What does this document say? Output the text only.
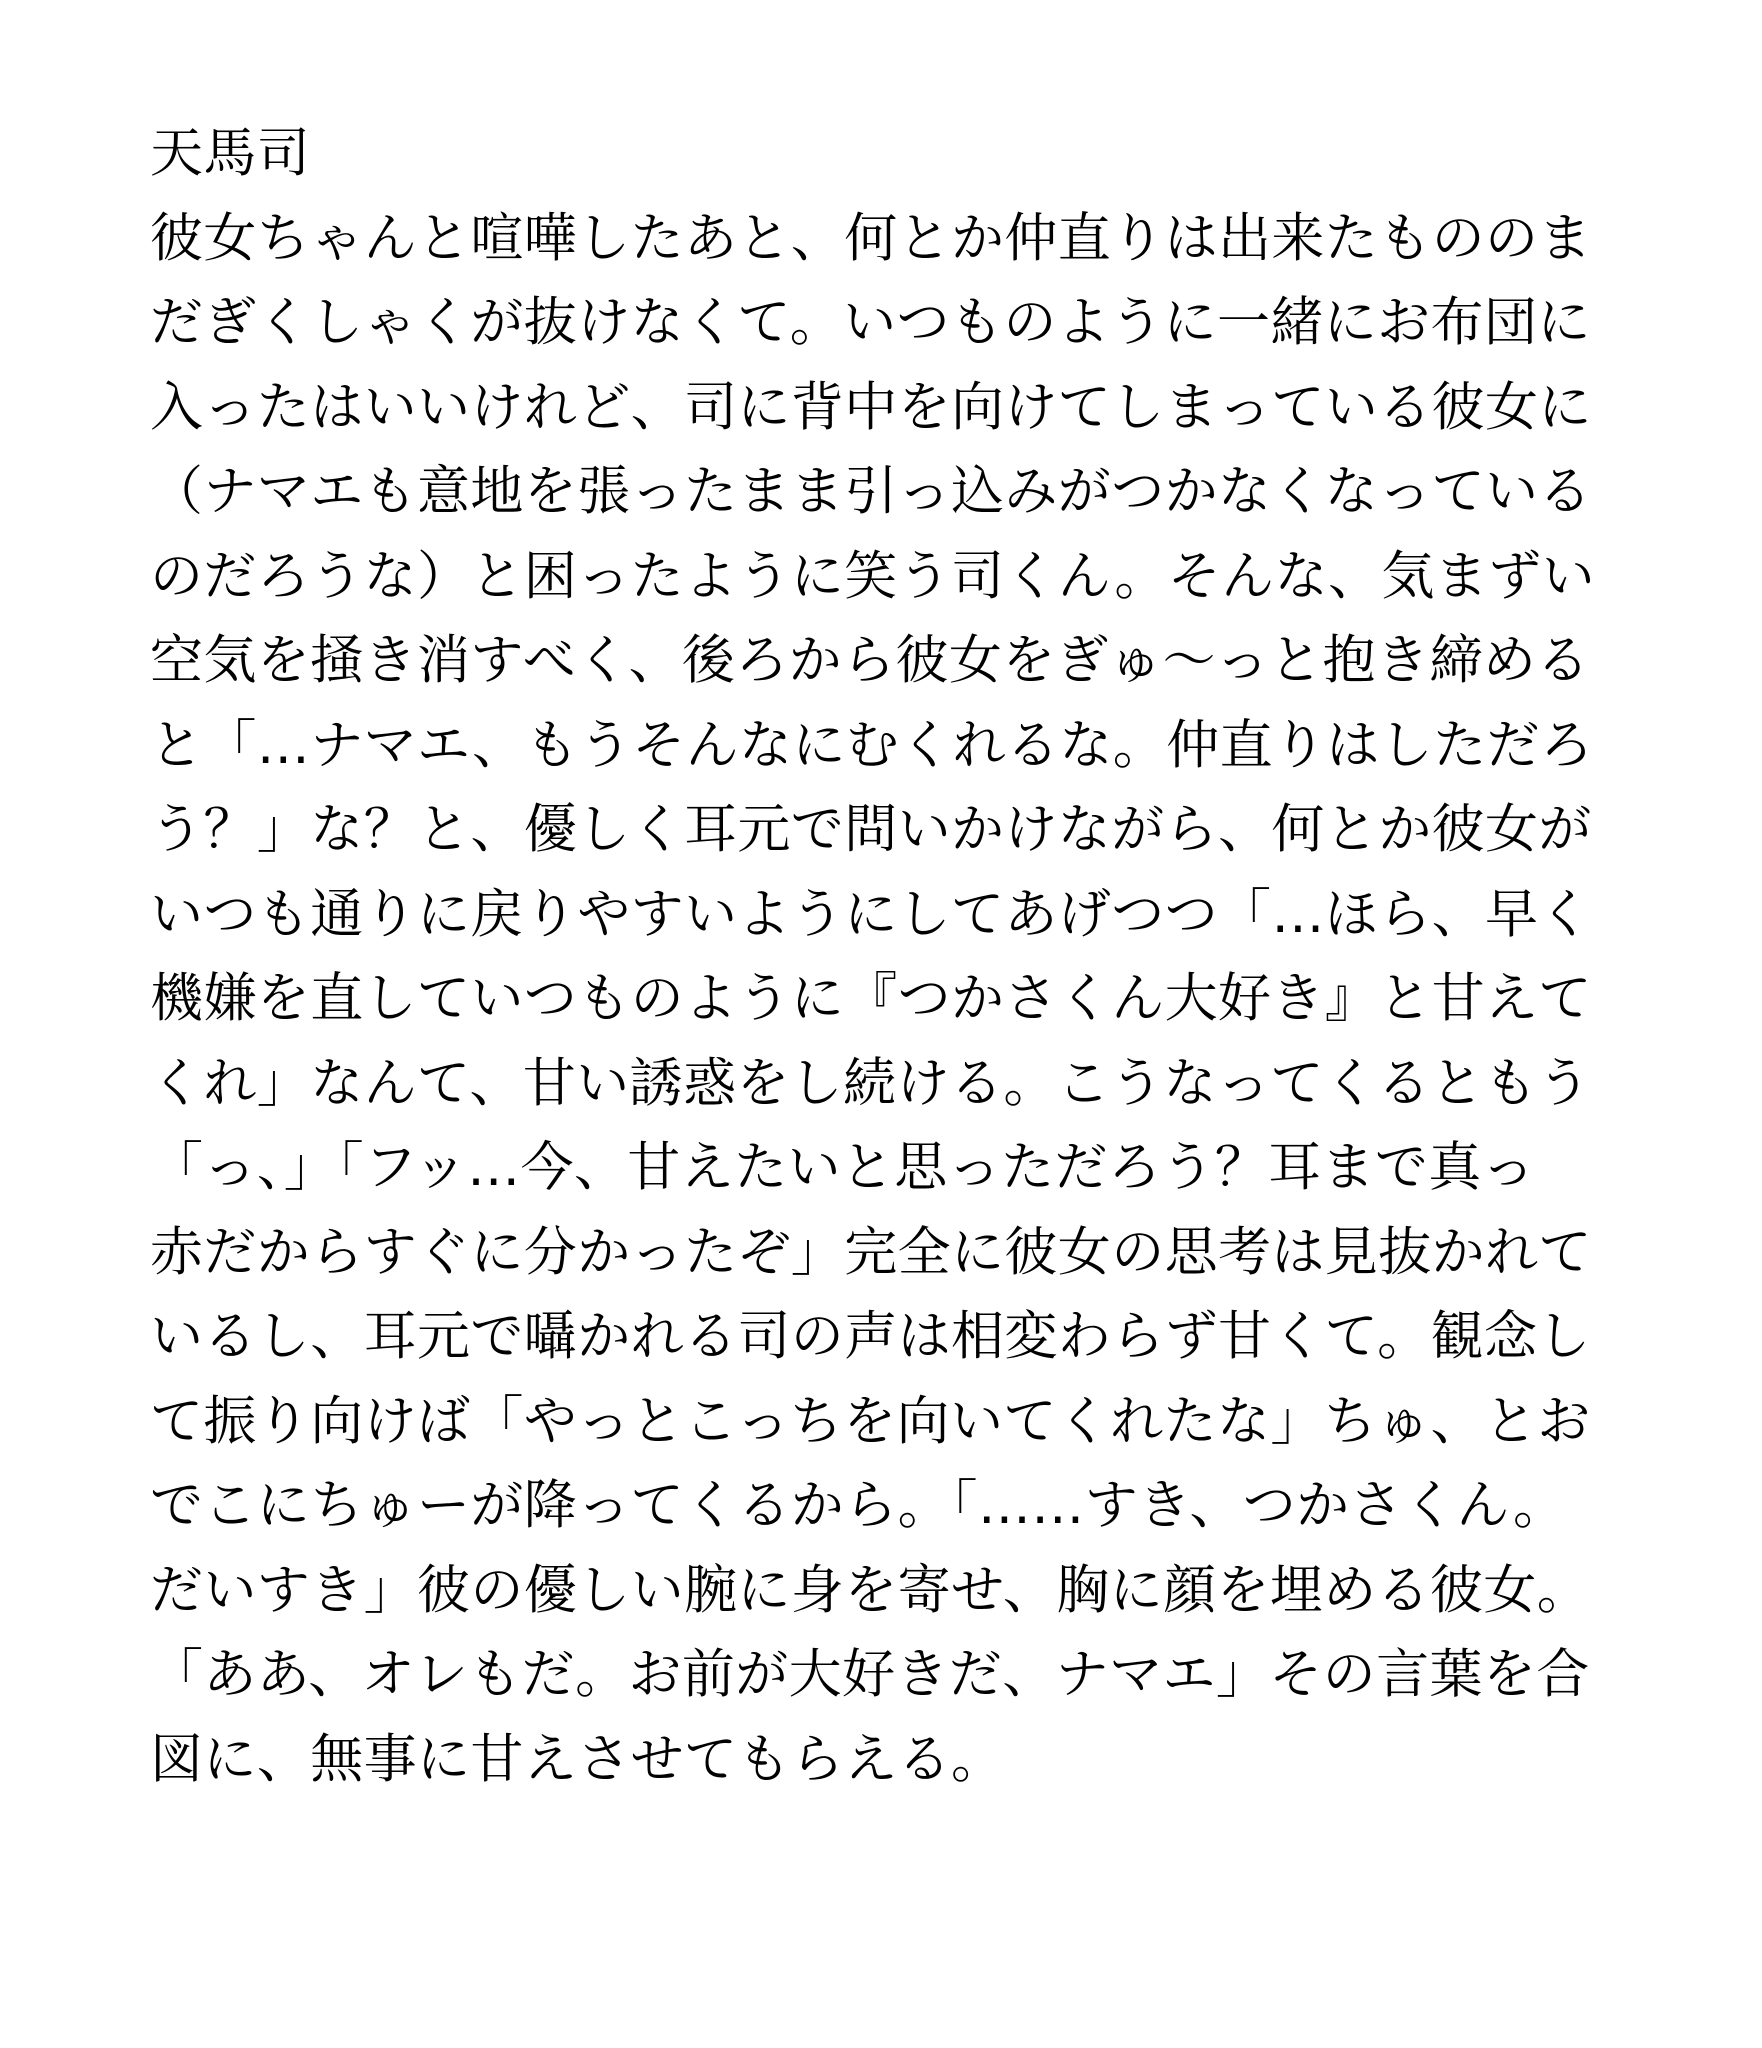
天馬司
彼女ちゃんと喧嘩したあと、何とか仲直りは出来たもののま
だぎくしゃくが抜けなくて。いつものように一緒にお布団に
入ったはいいけれど、司に背中を向けてしまっている彼女に
（ナマエも意地を張ったまま引っ込みがつかなくなっている
のだろうな）と困ったように笑う司くん。そんな、気まずい
空気を掻き消すべく、後ろから彼女をぎゅ〜っと抱き締める
と「…ナマエ、もうそんなにむくれるな。仲直りはしただろ
う？」な？と、優しく耳元で問いかけながら、何とか彼女が
いつも通りに戻りやすいようにしてあげつつ「…ほら、早く
機嫌を直していつものように『つかさくん大好き』と甘えて
くれ」なんて、甘い誘惑をし続ける。こうなってくるともう
「っ、」「フッ…今、甘えたいと思っただろう？耳まで真っ
赤だからすぐに分かったぞ」完全に彼女の思考は見抜かれて
いるし、耳元で囁かれる司の声は相変わらず甘くて。観念し
て振り向けば「やっとこっちを向いてくれたな」ちゅ、とお
でこにちゅーが降ってくるから。「……すき、つかさくん。
だいすき」彼の優しい腕に身を寄せ、胸に顔を埋める彼女。
「ああ、オレもだ。お前が大好きだ、ナマエ」その言葉を合
図に、無事に甘えさせてもらえる。
